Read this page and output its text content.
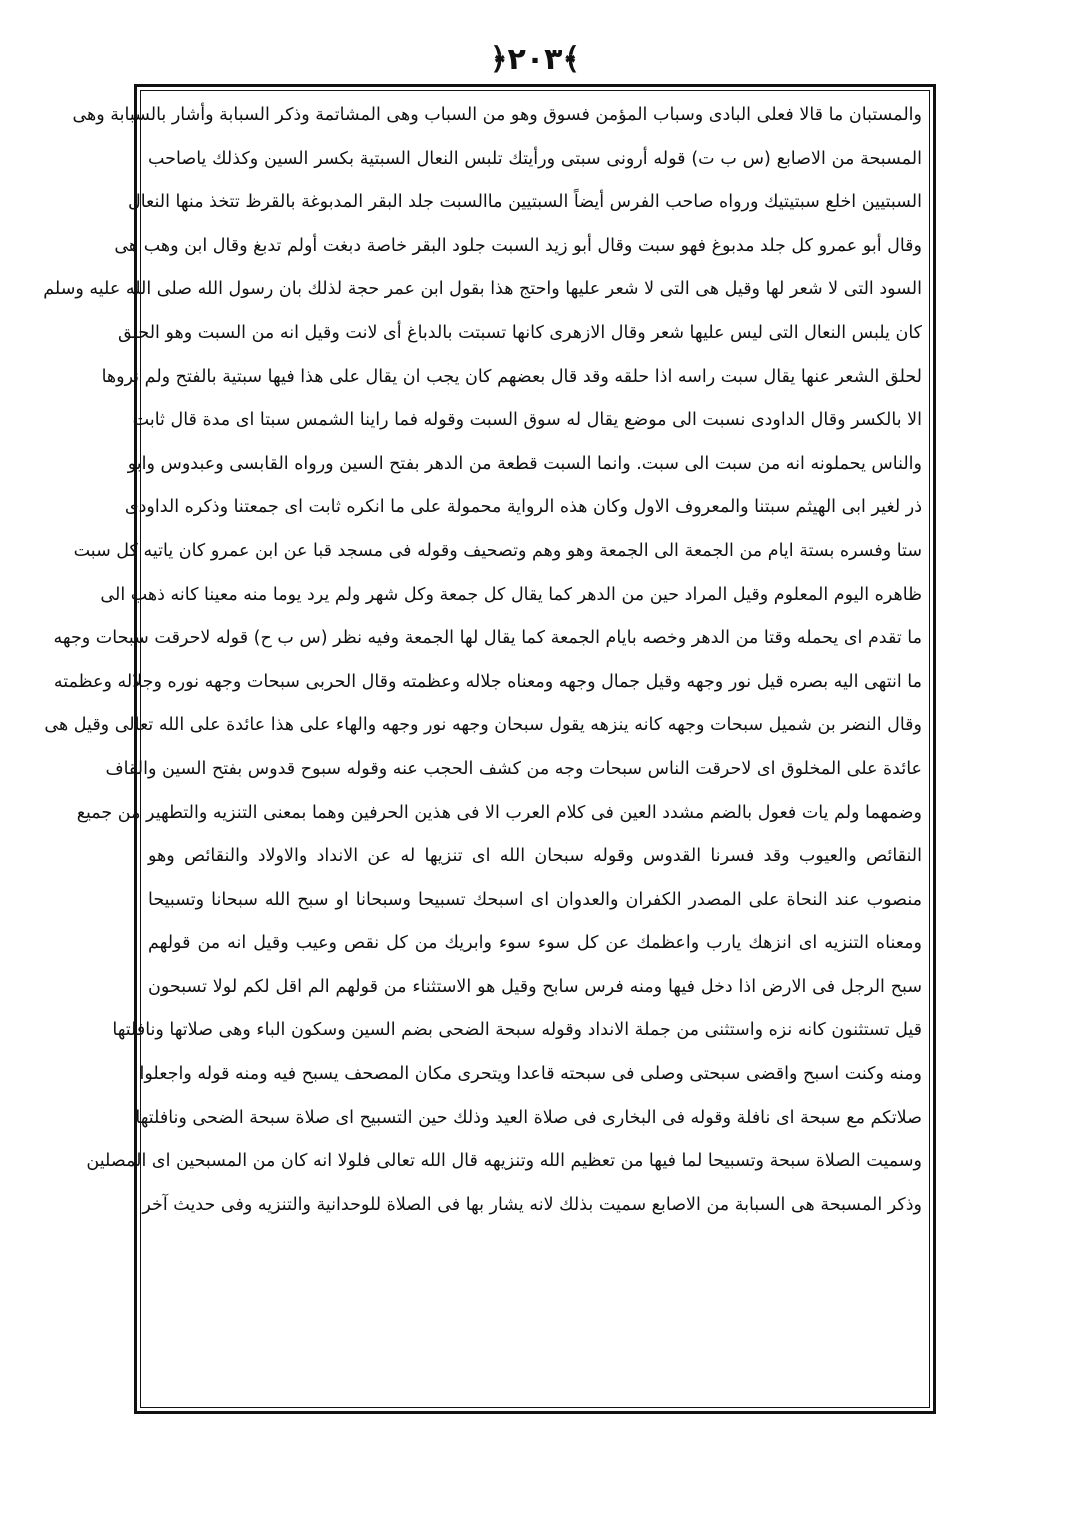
﴿٢٠٣﴾
والمستبان ما قالا فعلى البادى وسباب المؤمن فسوق وهو من السباب وهى المشاتمة وذكر السبابة وأشار بالسبابة وهى
المسبحة من الاصابع (س ب ت) قوله أرونى سبتى ورأيتك تلبس النعال السبتية بكسر السين وكذلك ياصاحب
السبتيين اخلع سبتيتيك ورواه صاحب الفرس أيضاً السبتيين ماالسبت جلد البقر المدبوغة بالقرظ تتخذ منها النعال
وقال أبو عمرو كل جلد مدبوغ فهو سبت وقال أبو زيد السبت جلود البقر خاصة دبغت أولم تدبغ وقال ابن وهب هى
السود التى لا شعر لها وقيل هى التى لا شعر عليها واحتج هذا بقول ابن عمر حجة لذلك بان رسول الله صلى الله عليه وسلم
كان يلبس النعال التى ليس عليها شعر وقال الازهرى كانها تسبتت بالدباغ أى لانت وقيل انه من السبت وهو الحلق
لحلق الشعر عنها يقال سبت راسه اذا حلقه وقد قال بعضهم كان يجب ان يقال على هذا فيها سبتية بالفتح ولم نروها
الا بالكسر وقال الداودى نسبت الى موضع يقال له سوق السبت وقوله فما راينا الشمس سبتا اى مدة قال ثابت
والناس يحملونه انه من سبت الى سبت. وانما السبت قطعة من الدهر بفتح السين ورواه القابسى وعبدوس وابو
ذر لغير ابى الهيثم سبتنا والمعروف الاول وكان هذه الرواية محمولة على ما انكره ثابت اى جمعتنا وذكره الداودى
ستا وفسره بستة ايام من الجمعة الى الجمعة وهو وهم وتصحيف وقوله فى مسجد قبا عن ابن عمرو كان ياتيه كل سبت
ظاهره اليوم المعلوم وقيل المراد حين من الدهر كما يقال كل جمعة وكل شهر ولم يرد يوما منه معينا كانه ذهب الى
ما تقدم اى يحمله وقتا من الدهر وخصه بايام الجمعة كما يقال لها الجمعة وفيه نظر (س ب ح) قوله لاحرقت سبحات وجهه
ما انتهى اليه بصره قيل نور وجهه وقيل جمال وجهه ومعناه جلاله وعظمته وقال الحربى سبحات وجهه نوره وجلاله وعظمته
وقال النضر بن شميل سبحات وجهه كانه ينزهه يقول سبحان وجهه نور وجهه والهاء على هذا عائدة على الله تعالى وقيل هى
عائدة على المخلوق اى لاحرقت الناس سبحات وجه من كشف الحجب عنه وقوله سبوح قدوس بفتح السين والقاف
وضمهما ولم يات فعول بالضم مشدد العين فى كلام العرب الا فى هذين الحرفين وهما بمعنى التنزيه والتطهير من جميع
النقائص والعيوب وقد فسرنا القدوس وقوله سبحان الله اى تنزيها له عن الانداد والاولاد والنقائص وهو
منصوب عند النحاة على المصدر الكفران والعدوان اى اسبحك تسبيحا وسبحانا او سبح الله سبحانا وتسبيحا
ومعناه التنزيه اى انزهك يارب واعظمك عن كل سوء سوء وابريك من كل نقص وعيب وقيل انه من قولهم
سبح الرجل فى الارض اذا دخل فيها ومنه فرس سابح وقيل هو الاستثناء من قولهم الم اقل لكم لولا تسبحون
قيل تستثنون كانه نزه واستثنى من جملة الانداد وقوله سبحة الضحى بضم السين وسكون الباء وهى صلاتها ونافلتها
ومنه وكنت اسبح واقضى سبحتى وصلى فى سبحته قاعدا ويتحرى مكان المصحف يسبح فيه ومنه قوله واجعلوا
صلاتكم مع سبحة اى نافلة وقوله فى البخارى فى صلاة العيد وذلك حين التسبيح اى صلاة سبحة الضحى ونافلتها
وسميت الصلاة سبحة وتسبيحا لما فيها من تعظيم الله وتنزيهه قال الله تعالى فلولا انه كان من المسبحين اى المصلين
وذكر المسبحة هى السبابة من الاصابع سميت بذلك لانه يشار بها فى الصلاة للوحدانية والتنزيه وفى حديث آخر
